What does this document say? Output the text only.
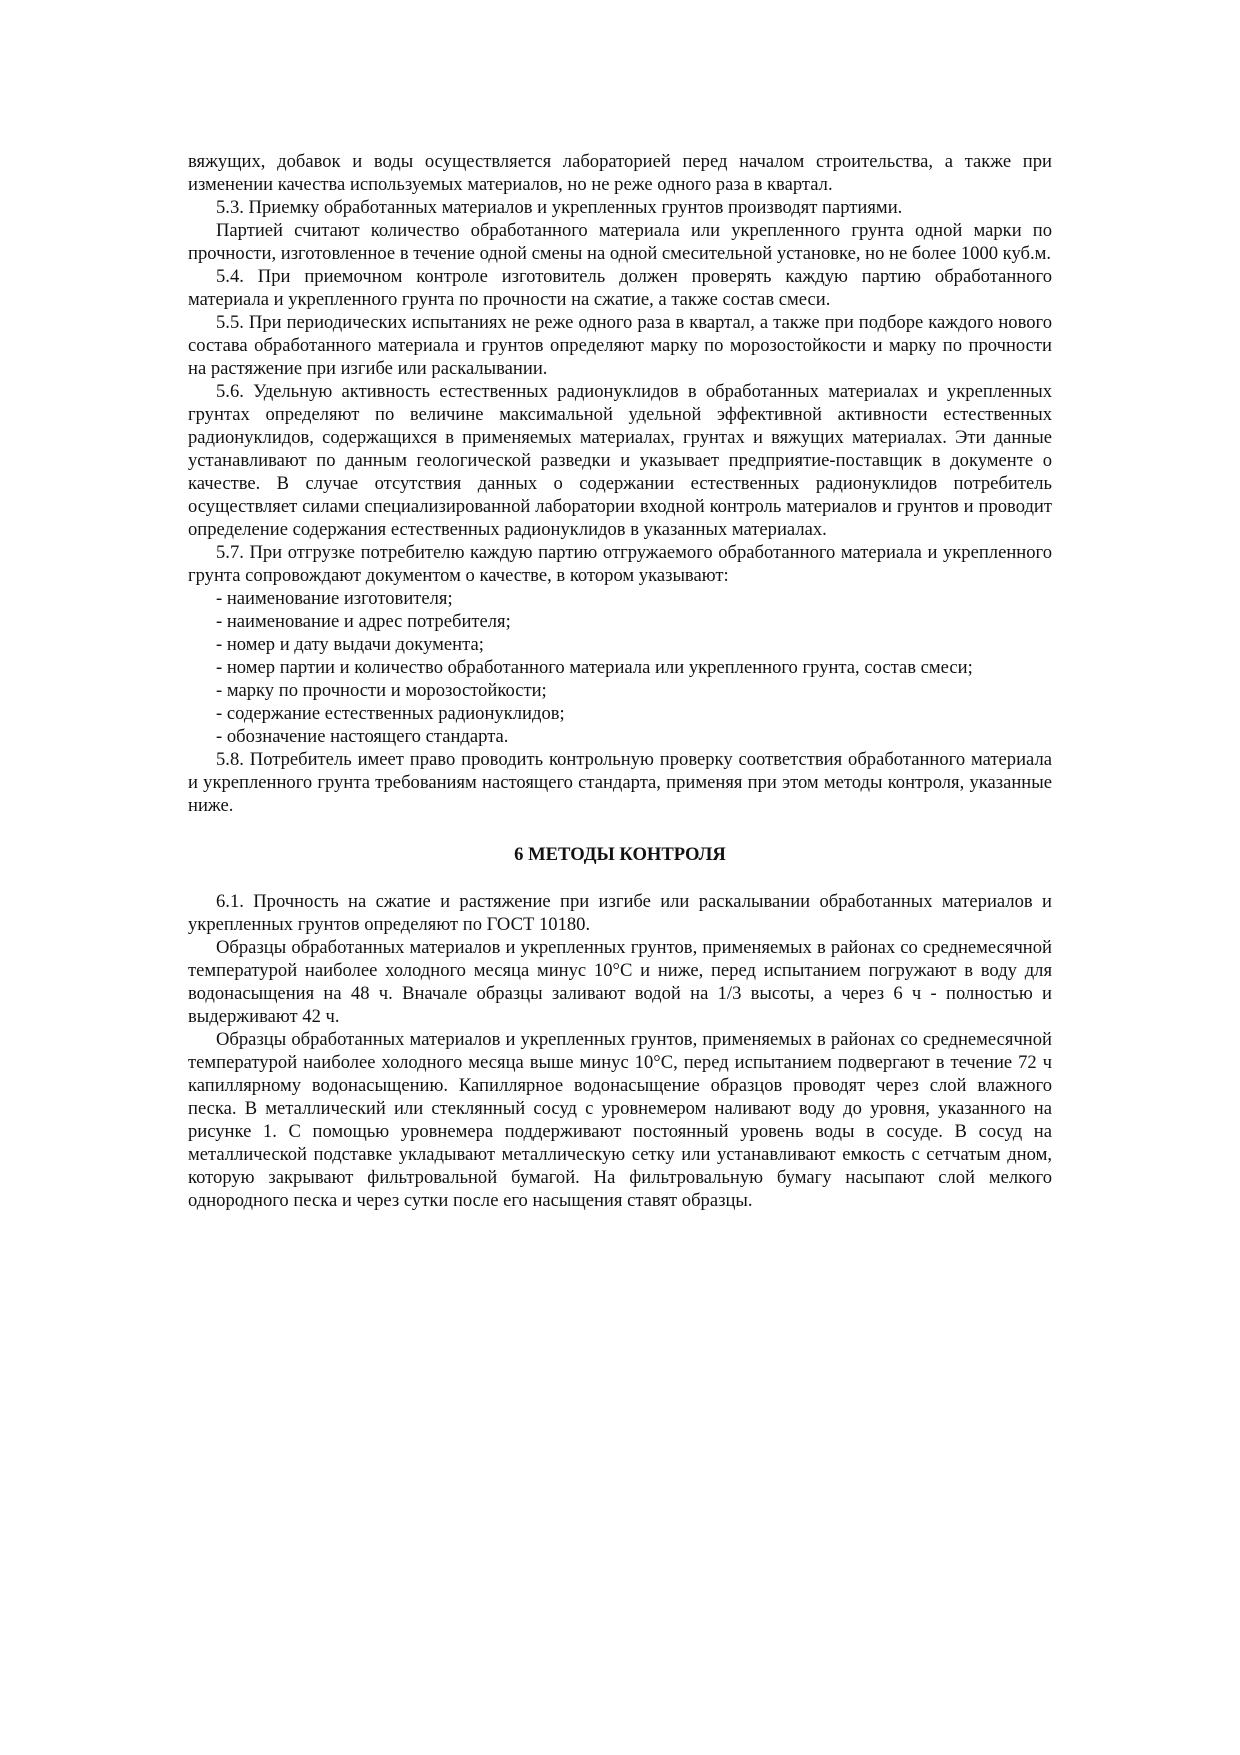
вяжущих, добавок и воды осуществляется лабораторией перед началом строительства, а также при изменении качества используемых материалов, но не реже одного раза в квартал.

5.3. Приемку обработанных материалов и укрепленных грунтов производят партиями.

Партией считают количество обработанного материала или укрепленного грунта одной марки по прочности, изготовленное в течение одной смены на одной смесительной установке, но не более 1000 куб.м.

5.4. При приемочном контроле изготовитель должен проверять каждую партию обработанного материала и укрепленного грунта по прочности на сжатие, а также состав смеси.

5.5. При периодических испытаниях не реже одного раза в квартал, а также при подборе каждого нового состава обработанного материала и грунтов определяют марку по морозостойкости и марку по прочности на растяжение при изгибе или раскалывании.

5.6. Удельную активность естественных радионуклидов в обработанных материалах и укрепленных грунтах определяют по величине максимальной удельной эффективной активности естественных радионуклидов, содержащихся в применяемых материалах, грунтах и вяжущих материалах. Эти данные устанавливают по данным геологической разведки и указывает предприятие-поставщик в документе о качестве. В случае отсутствия данных о содержании естественных радионуклидов потребитель осуществляет силами специализированной лаборатории входной контроль материалов и грунтов и проводит определение содержания естественных радионуклидов в указанных материалах.

5.7. При отгрузке потребителю каждую партию отгружаемого обработанного материала и укрепленного грунта сопровождают документом о качестве, в котором указывают:

- наименование изготовителя;

- наименование и адрес потребителя;

- номер и дату выдачи документа;

- номер партии и количество обработанного материала или укрепленного грунта, состав смеси;

- марку по прочности и морозостойкости;

- содержание естественных радионуклидов;

- обозначение настоящего стандарта.

5.8. Потребитель имеет право проводить контрольную проверку соответствия обработанного материала и укрепленного грунта требованиям настоящего стандарта, применяя при этом методы контроля, указанные ниже.

6 МЕТОДЫ КОНТРОЛЯ

6.1. Прочность на сжатие и растяжение при изгибе или раскалывании обработанных материалов и укрепленных грунтов определяют по ГОСТ 10180.

Образцы обработанных материалов и укрепленных грунтов, применяемых в районах со среднемесячной температурой наиболее холодного месяца минус 10°С и ниже, перед испытанием погружают в воду для водонасыщения на 48 ч. Вначале образцы заливают водой на 1/3 высоты, а через 6 ч - полностью и выдерживают 42 ч.

Образцы обработанных материалов и укрепленных грунтов, применяемых в районах со среднемесячной температурой наиболее холодного месяца выше минус 10°С, перед испытанием подвергают в течение 72 ч капиллярному водонасыщению. Капиллярное водонасыщение образцов проводят через слой влажного песка. В металлический или стеклянный сосуд с уровнемером наливают воду до уровня, указанного на рисунке 1. С помощью уровнемера поддерживают постоянный уровень воды в сосуде. В сосуд на металлической подставке укладывают металлическую сетку или устанавливают емкость с сетчатым дном, которую закрывают фильтровальной бумагой. На фильтровальную бумагу насыпают слой мелкого однородного песка и через сутки после его насыщения ставят образцы.
